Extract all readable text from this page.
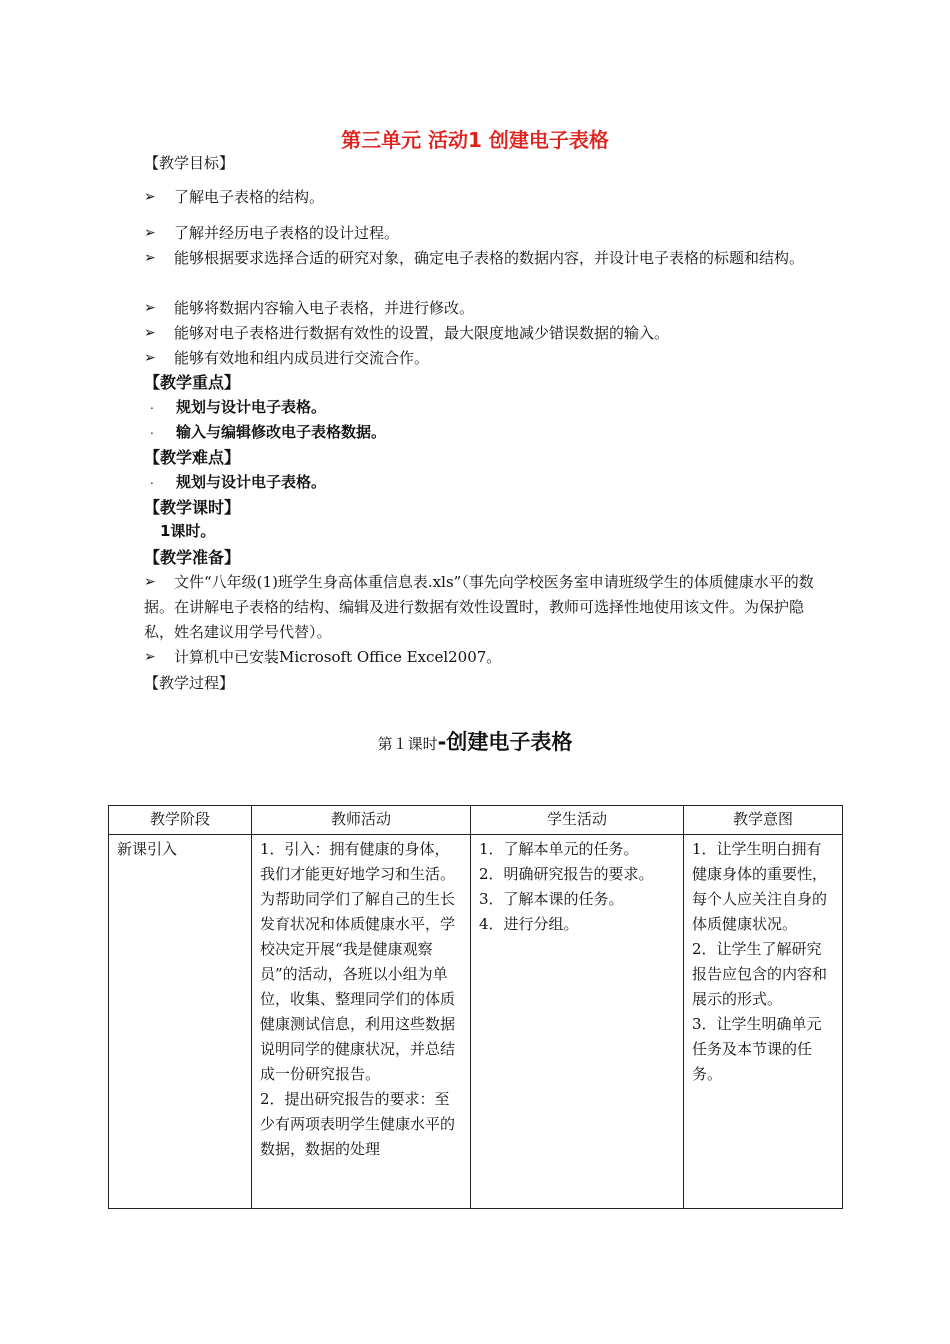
第三单元 活动1 创建电子表格
【教学目标】
➢	了解电子表格的结构。
➢	了解并经历电子表格的设计过程。
➢	能够根据要求选择合适的研究对象，确定电子表格的数据内容，并设计电子表格的标题和结构。
➢	能够将数据内容输入电子表格，并进行修改。
➢	能够对电子表格进行数据有效性的设置，最大限度地减少错误数据的输入。
➢	能够有效地和组内成员进行交流合作。
【教学重点】
. 规划与设计电子表格。
. 输入与编辑修改电子表格数据。
【教学难点】
. 规划与设计电子表格。
【教学课时】
1课时。
【教学准备】
➢	文件“八年级(1)班学生身高体重信息表.xls”（事先向学校医务室申请班级学生的体质健康水平的数据。在讲解电子表格的结构、编辑及进行数据有效性设置时，教师可选择性地使用该文件。为保护隐私，姓名建议用学号代替）。
➢	计算机中已安装Microsoft Office Excel2007。
【教学过程】
第１课时-创建电子表格
教学阶段	教师活动	学生活动	教学意图

新课引入	1．引入：拥有健康的身体，我们才能更好地学习和生活。为帮助同学们了解自己的生长发育状况和体质健康水平，学校决定开展“我是健康观察员”的活动，各班以小组为单位，收集、整理同学们的体质健康测试信息，利用这些数据说明同学的健康状况，并总结成一份研究报告。
2．提出研究报告的要求：至少有两项表明学生健康水平的数据，数据的处理	1．了解本单元的任务。
2．明确研究报告的要求。
3．了解本课的任务。
4．进行分组。	1．让学生明白拥有健康身体的重要性，每个人应关注自身的体质健康状况。
2．让学生了解研究报告应包含的内容和展示的形式。
3．让学生明确单元任务及本节课的任务。
